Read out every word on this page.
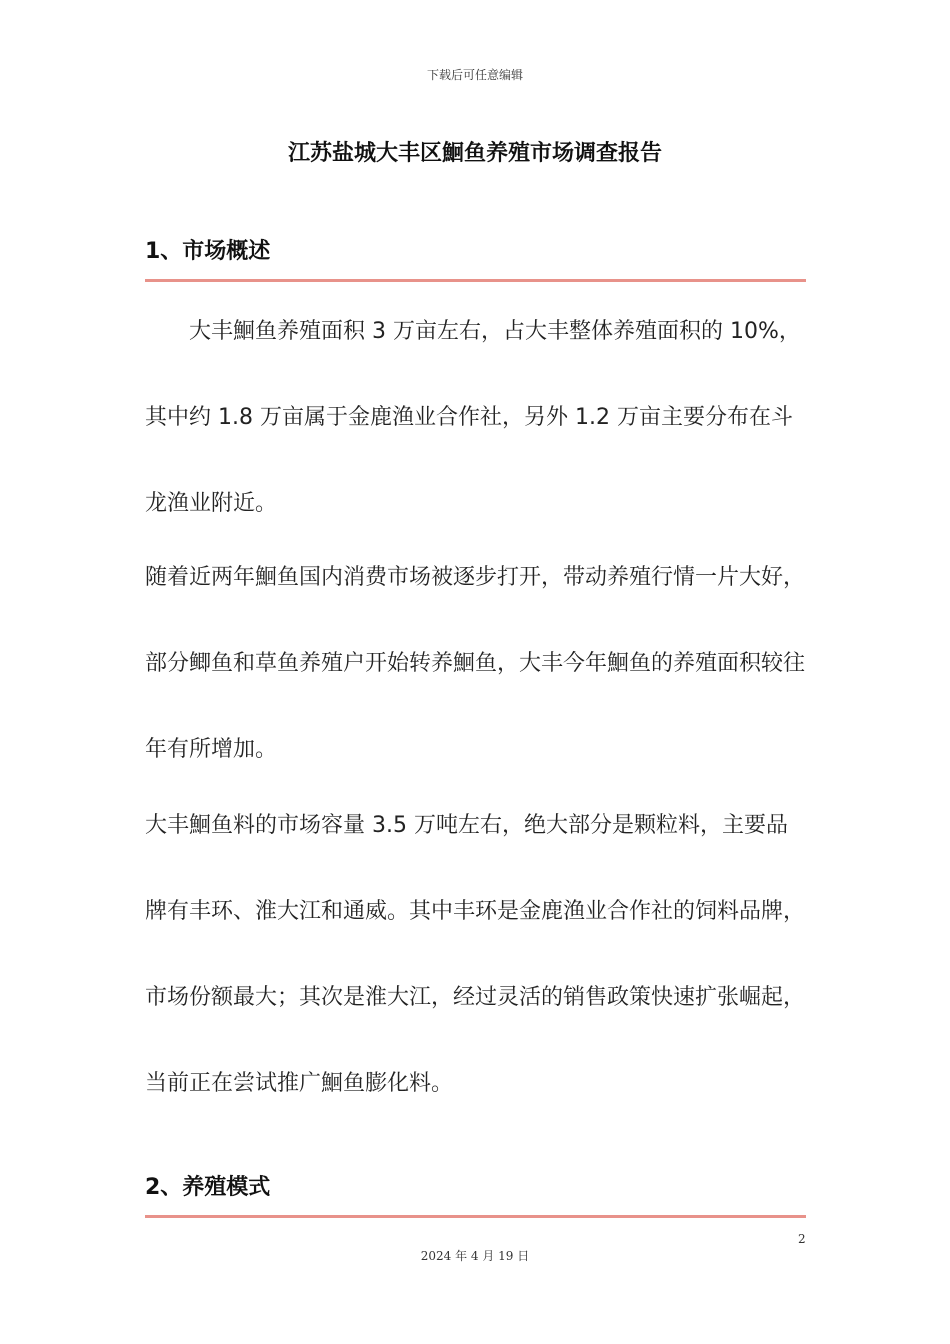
下载后可任意编辑
江苏盐城大丰区鮰鱼养殖市场调查报告
1、市场概述

大丰鮰鱼养殖面积 3 万亩左右，占大丰整体养殖面积的 10%，其中约 1.8 万亩属于金鹿渔业合作社，另外 1.2 万亩主要分布在斗龙渔业附近。

随着近两年鮰鱼国内消费市场被逐步打开，带动养殖行情一片大好，部分鲫鱼和草鱼养殖户开始转养鮰鱼，大丰今年鮰鱼的养殖面积较往年有所增加。

大丰鮰鱼料的市场容量 3.5 万吨左右，绝大部分是颗粒料，主要品牌有丰环、淮大江和通威。其中丰环是金鹿渔业合作社的饲料品牌，市场份额最大；其次是淮大江，经过灵活的销售政策快速扩张崛起，当前正在尝试推广鮰鱼膨化料。

2、养殖模式
2
2024 年 4 月 19 日
